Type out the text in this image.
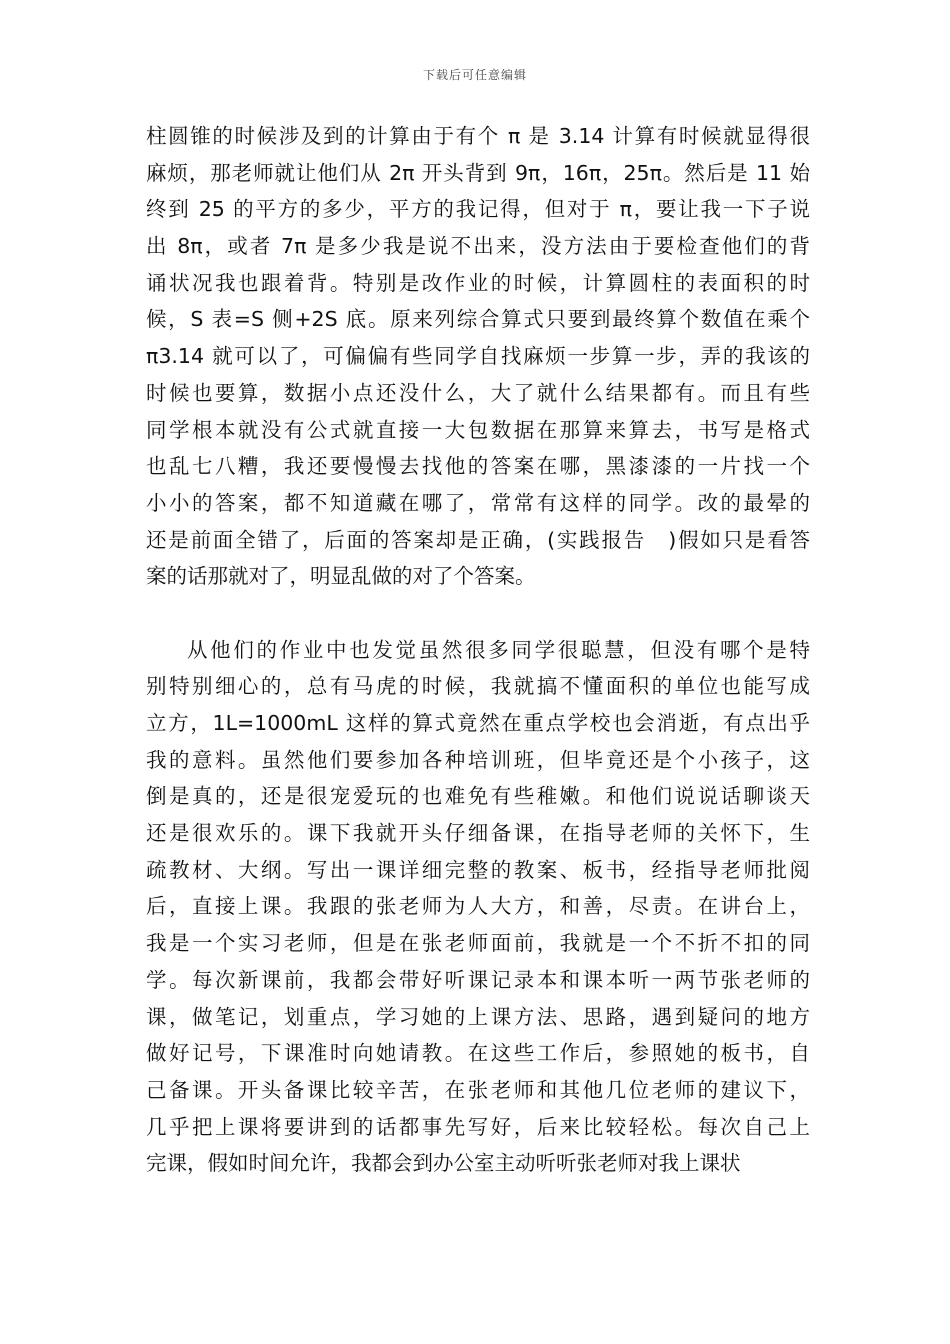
下载后可任意编辑
柱圆锥的时候涉及到的计算由于有个 π 是 3.14 计算有时候就显得很
麻烦，那老师就让他们从 2π 开头背到 9π，16π，25π。然后是 11 始
终到 25 的平方的多少，平方的我记得，但对于 π，要让我一下子说
出 8π，或者 7π 是多少我是说不出来，没方法由于要检查他们的背
诵状况我也跟着背。特别是改作业的时候，计算圆柱的表面积的时
候，S 表=S 侧+2S 底。原来列综合算式只要到最终算个数值在乘个
π3.14 就可以了，可偏偏有些同学自找麻烦一步算一步，弄的我该的
时候也要算，数据小点还没什么，大了就什么结果都有。而且有些
同学根本就没有公式就直接一大包数据在那算来算去，书写是格式
也乱七八糟，我还要慢慢去找他的答案在哪，黑漆漆的一片找一个
小小的答案，都不知道藏在哪了，常常有这样的同学。改的最晕的
还是前面全错了，后面的答案却是正确，(实践报告　)假如只是看答
案的话那就对了，明显乱做的对了个答案。
从他们的作业中也发觉虽然很多同学很聪慧，但没有哪个是特
别特别细心的，总有马虎的时候，我就搞不懂面积的单位也能写成
立方，1L=1000mL 这样的算式竟然在重点学校也会消逝，有点出乎
我的意料。虽然他们要参加各种培训班，但毕竟还是个小孩子，这
倒是真的，还是很宠爱玩的也难免有些稚嫩。和他们说说话聊谈天
还是很欢乐的。课下我就开头仔细备课，在指导老师的关怀下，生
疏教材、大纲。写出一课详细完整的教案、板书，经指导老师批阅
后，直接上课。我跟的张老师为人大方，和善，尽责。在讲台上，
我是一个实习老师，但是在张老师面前，我就是一个不折不扣的同
学。每次新课前，我都会带好听课记录本和课本听一两节张老师的
课，做笔记，划重点，学习她的上课方法、思路，遇到疑问的地方
做好记号，下课准时向她请教。在这些工作后，参照她的板书，自
己备课。开头备课比较辛苦，在张老师和其他几位老师的建议下，
几乎把上课将要讲到的话都事先写好，后来比较轻松。每次自己上
完课，假如时间允许，我都会到办公室主动听听张老师对我上课状
